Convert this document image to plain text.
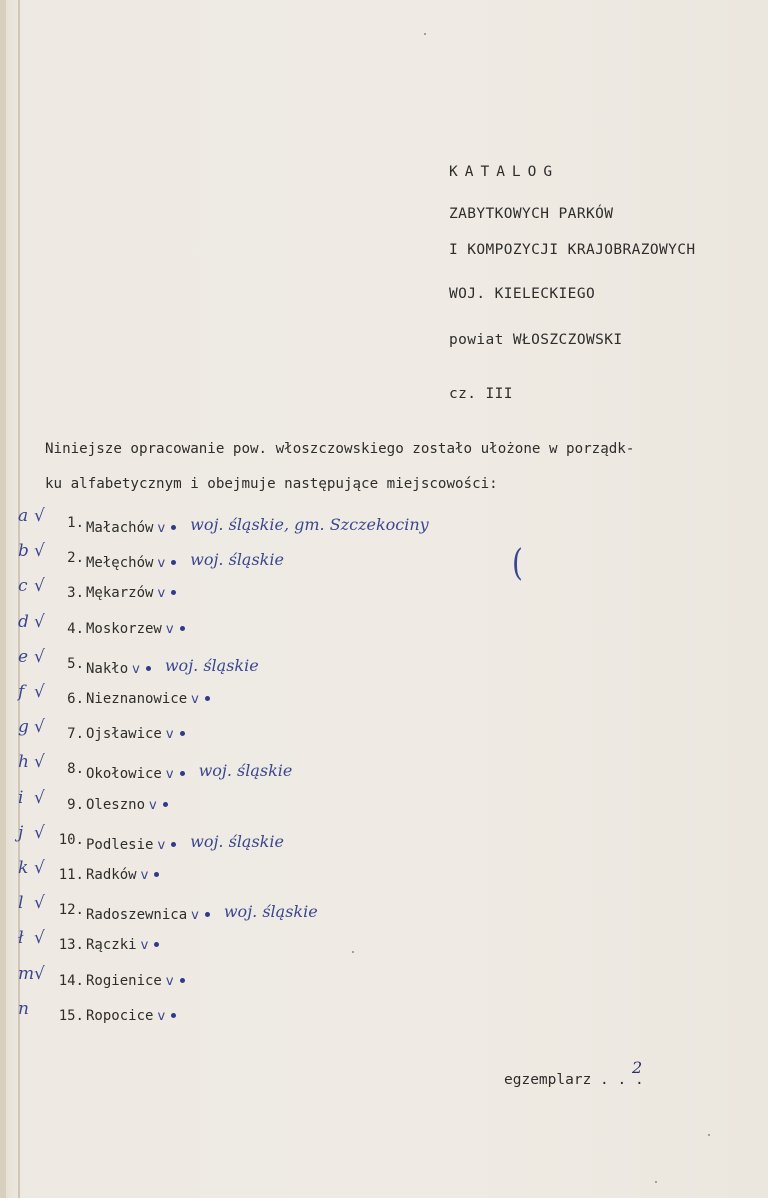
KATALOG
ZABYTKOWYCH PARKÓW
I KOMPOZYCJI KRAJOBRAZOWYCH
WOJ. KIELECKIEGO
powiat WŁOSZCZOWSKI
cz. III
Niniejsze opracowanie pow. włoszczowskiego zostało ułożone w porządk-
ku alfabetycznym i obejmuje następujące miejscowości:
a √	1. Małachów v woj. śląskie, gm. Szczekociny
b √	2. Mełęchów v woj. śląskie
c √	3. Mękarzów v
d √	4. Moskorzew v
e √	5. Nakło v woj. śląskie
f √	6. Nieznanowice v
g √	7. Ojsławice v
h √	8. Okołowice v woj. śląskie
i √	9. Oleszno v
j √ 10. Podlesie v woj. śląskie
k √ 11. Radków v
l √ 12. Radoszewnica v woj. śląskie
ł √ 13. Rączki v
m √ 14. Rogienice v
n	15. Ropocice v
(
egzemplarz . . .
2
